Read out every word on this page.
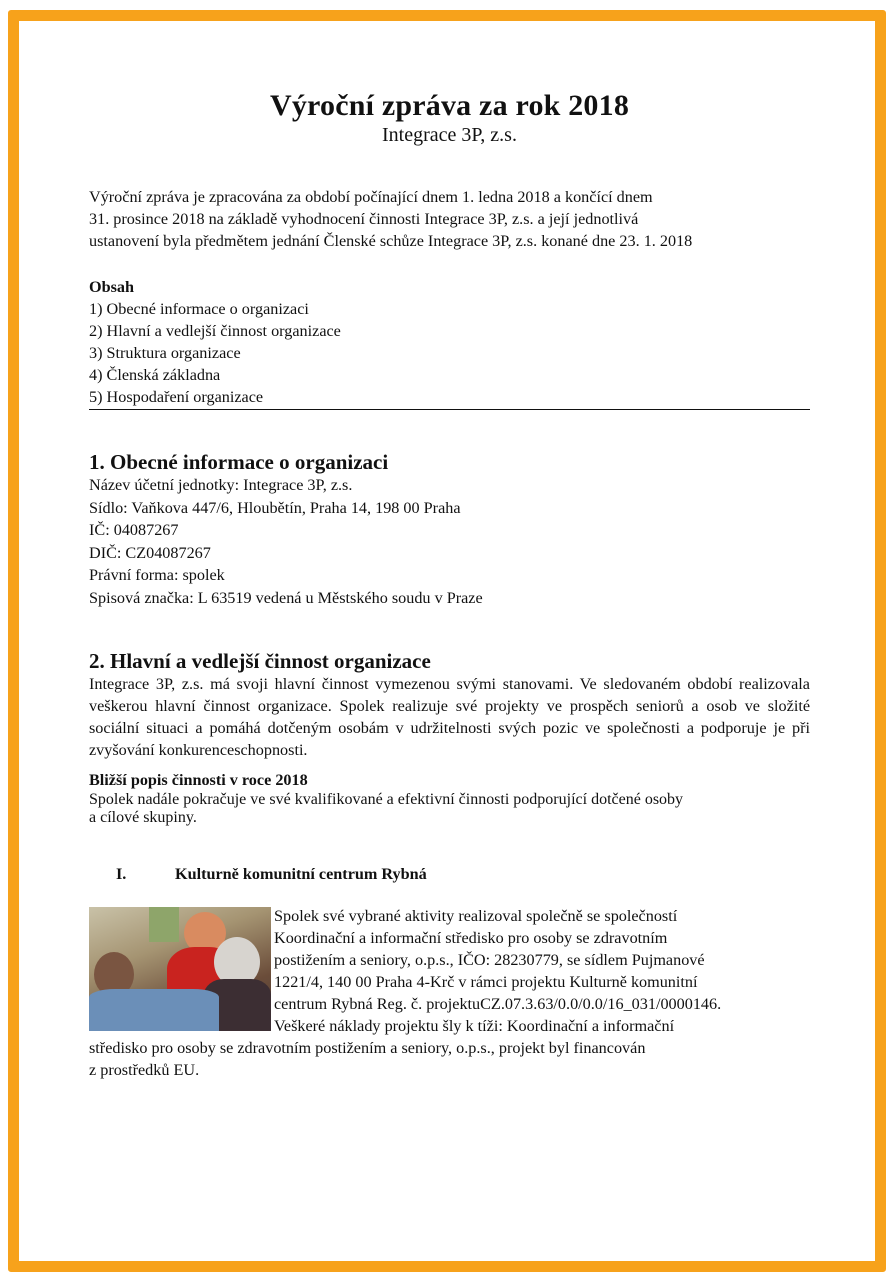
Výroční zpráva za rok 2018

Integrace 3P, z.s.

Výroční zpráva je zpracována za období počínající dnem 1. ledna 2018 a končící dnem
31. prosince 2018 na základě vyhodnocení činnosti Integrace 3P, z.s. a její jednotlivá
ustanovení byla předmětem jednání Členské schůze Integrace 3P, z.s. konané dne 23. 1. 2018
Obsah
1) Obecné informace o organizaci
2) Hlavní a vedlejší činnost organizace
3) Struktura organizace
4) Členská základna
5) Hospodaření organizace
1. Obecné informace o organizaci
Název účetní jednotky: Integrace 3P, z.s.
Sídlo: Vaňkova 447/6, Hloubětín, Praha 14, 198 00 Praha
IČ: 04087267
DIČ: CZ04087267
Právní forma: spolek
Spisová značka: L 63519 vedená u Městského soudu v Praze
2. Hlavní a vedlejší činnost organizace
Integrace 3P, z.s. má svoji hlavní činnost vymezenou svými stanovami. Ve sledovaném období realizovala veškerou hlavní činnost organizace. Spolek realizuje své projekty ve prospěch seniorů a osob ve složité sociální situaci a pomáhá dotčeným osobám v udržitelnosti svých pozic ve společnosti a podporuje je při zvyšování konkurenceschopnosti.
Bližší popis činnosti v roce 2018
Spolek nadále pokračuje ve své kvalifikované a efektivní činnosti podporující dotčené osoby
a cílové skupiny.
I.	Kulturně komunitní centrum Rybná
Spolek své vybrané aktivity realizoval společně se společností
Koordinační a informační středisko pro osoby se zdravotním
postižením a seniory, o.p.s., IČO: 28230779, se sídlem Pujmanové
1221/4, 140 00 Praha 4-Krč v rámci projektu Kulturně komunitní
centrum Rybná Reg. č. projektuCZ.07.3.63/0.0/0.0/16_031/0000146.
Veškeré náklady projektu šly k tíži: Koordinační a informační
středisko pro osoby se zdravotním postižením a seniory, o.p.s., projekt byl financován
z prostředků EU.
